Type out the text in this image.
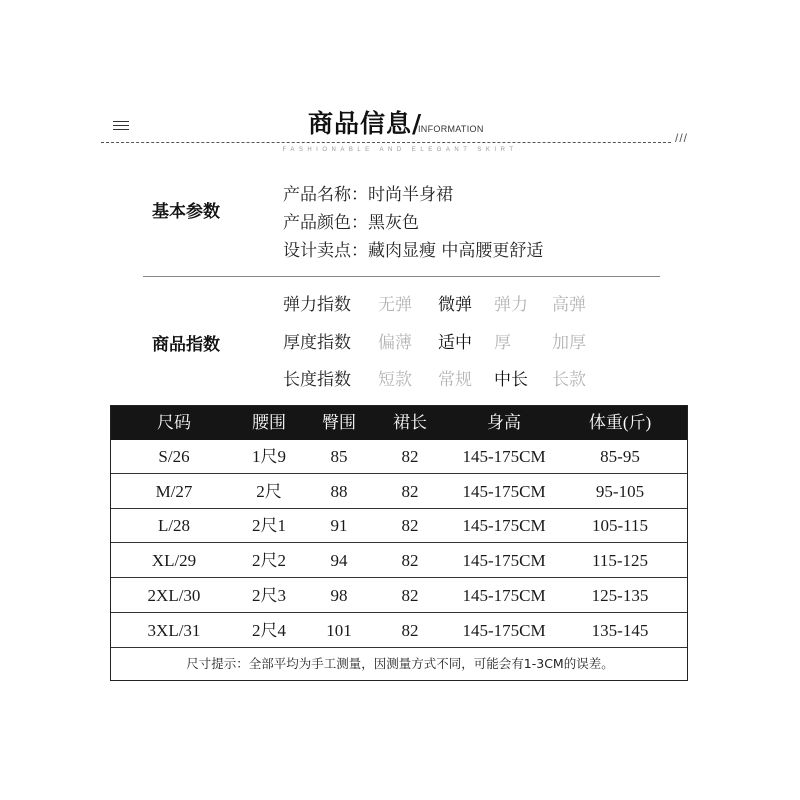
商品信息/
INFORMATION
///
FASHIONABLE AND ELEGANT SKIRT
基本参数
产品名称：时尚半身裙
产品颜色：黑灰色
设计卖点：藏肉显瘦 中高腰更舒适
商品指数
弹力指数 无弹 微弹 弹力 高弹
厚度指数 偏薄 适中 厚 加厚
长度指数 短款 常规 中长 长款
尺码	腰围	臀围	裙长	身高	体重(斤)
S/26	1尺9	85	82	145-175CM	85-95
M/27	2尺	88	82	145-175CM	95-105
L/28	2尺1	91	82	145-175CM	105-115
XL/29	2尺2	94	82	145-175CM	115-125
2XL/30	2尺3	98	82	145-175CM	125-135
3XL/31	2尺4	101	82	145-175CM	135-145
尺寸提示：全部平均为手工测量，因测量方式不同，可能会有1-3CM的误差。
